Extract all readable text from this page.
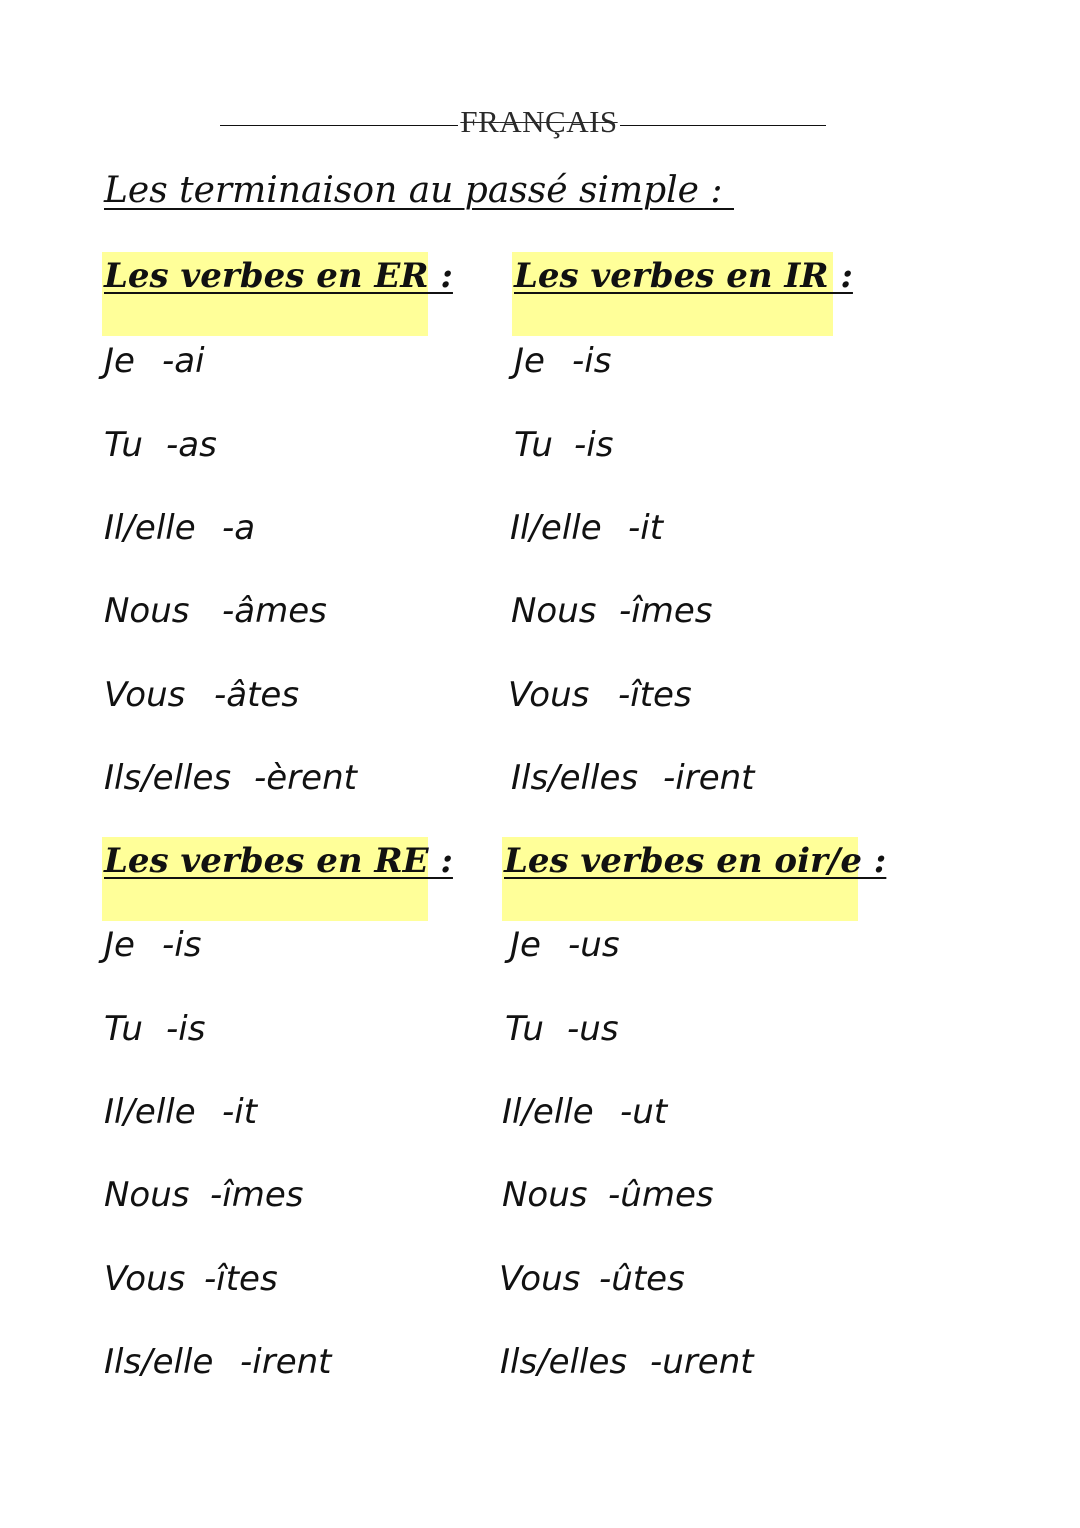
FRANÇAIS
Les terminaison au passé simple :
Les verbes en ER :
Je -ai
Tu -as
Il/elle -a
Nous -âmes
Vous -âtes
Ils/elles -èrent
Les verbes en IR :
Je -is
Tu -is
Il/elle -it
Nous -îmes
Vous -îtes
Ils/elles -irent
Les verbes en RE :
Je -is
Tu -is
Il/elle -it
Nous -îmes
Vous -îtes
Ils/elle -irent
Les verbes en oir/e :
Je -us
Tu -us
Il/elle -ut
Nous -ûmes
Vous -ûtes
Ils/elles -urent
